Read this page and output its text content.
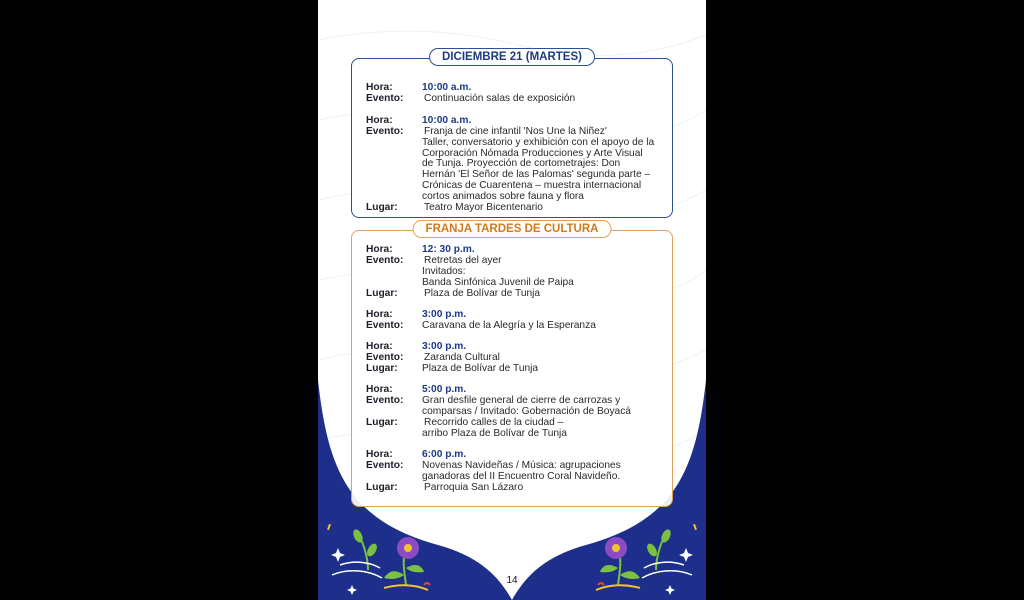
DICIEMBRE 21 (MARTES)
Hora:	10:00 a.m.
Evento:	Continuación salas de exposición

Hora:	10:00 a.m.
Evento:	Franja de cine infantil 'Nos Une la Niñez'

Taller, conversatorio y exhibición con el apoyo de la

Corporación Nómada Producciones y Arte Visual

de Tunja. Proyección de cortometrajes: Don

Hernán 'El Señor de las Palomas' segunda parte –

Crónicas de Cuarentena – muestra internacional

cortos animados sobre fauna y flora

Lugar:	Teatro Mayor Bicentenario
FRANJA TARDES DE CULTURA
Hora:	12: 30 p.m.
Evento:	Retretas del ayer

Invitados:

Banda Sinfónica Juvenil de Paipa

Lugar:	Plaza de Bolívar de Tunja
Hora:	3:00 p.m.
Evento:	Caravana de la Alegría y la Esperanza
Hora:	3:00 p.m.
Evento:	Zaranda Cultural
Lugar:	Plaza de Bolívar de Tunja
Hora:	5:00 p.m.
Evento:	Gran desfile general de cierre de carrozas y

comparsas / Invitado: Gobernación de Boyacá

Lugar:	Recorrido calles de la ciudad –

arribo Plaza de Bolívar de Tunja

Hora:	6:00 p.m.
Evento:	Novenas Navideñas / Música: agrupaciones

ganadoras del II Encuentro Coral Navideño.

Lugar:	Parroquia San Lázaro
14
